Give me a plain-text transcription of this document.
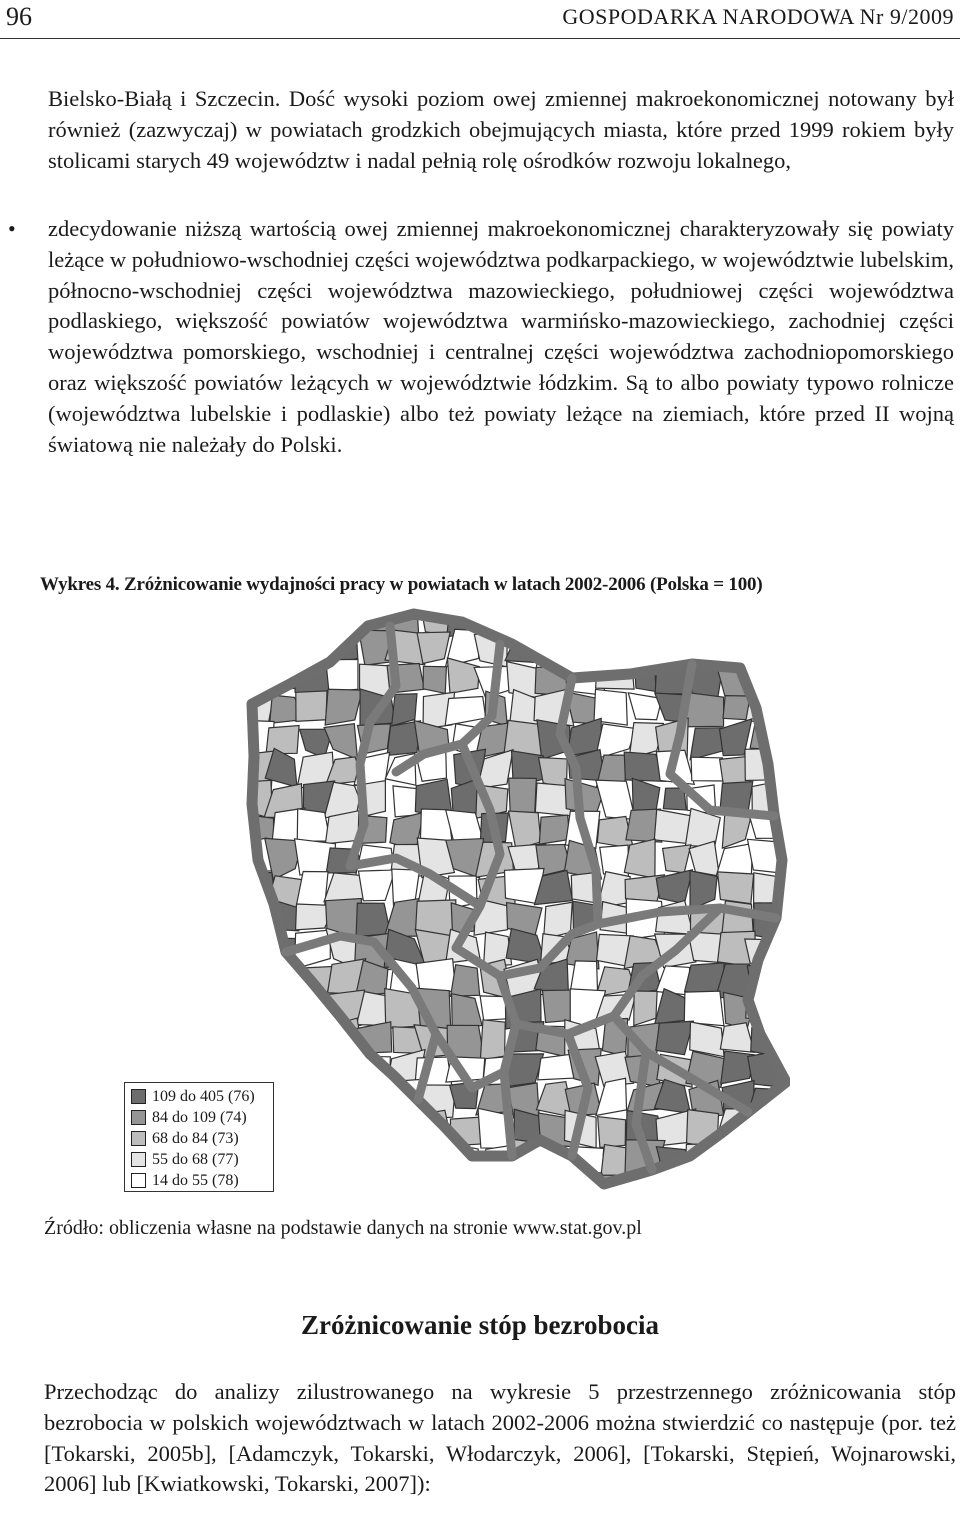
96	GOSPODARKA NARODOWA Nr 9/2009
Bielsko-Białą i Szczecin. Dość wysoki poziom owej zmiennej makroekonomicznej notowany był również (zazwyczaj) w powiatach grodzkich obejmujących miasta, które przed 1999 rokiem były stolicami starych 49 województw i nadal pełnią rolę ośrodków rozwoju lokalnego,
• zdecydowanie niższą wartością owej zmiennej makroekonomicznej charakteryzowały się powiaty leżące w południowo-wschodniej części województwa podkarpackiego, w województwie lubelskim, północno-wschodniej części województwa mazowieckiego, południowej części województwa podlaskiego, większość powiatów województwa warmińsko-mazowieckiego, zachodniej części województwa pomorskiego, wschodniej i centralnej części województwa zachodniopomorskiego oraz większość powiatów leżących w województwie łódzkim. Są to albo powiaty typowo rolnicze (województwa lubelskie i podlaskie) albo też powiaty leżące na ziemiach, które przed II wojną światową nie należały do Polski.
Wykres 4. Zróżnicowanie wydajności pracy w powiatach w latach 2002-2006 (Polska = 100)
109 do 405 (76)
84 do 109 (74)
68 do 84 (73)
55 do 68 (77)
14 do 55 (78)
Źródło: obliczenia własne na podstawie danych na stronie www.stat.gov.pl
Zróżnicowanie stóp bezrobocia
Przechodząc do analizy zilustrowanego na wykresie 5 przestrzennego zróżnicowania stóp bezrobocia w polskich województwach w latach 2002-2006 można stwierdzić co następuje (por. też [Tokarski, 2005b], [Adamczyk, Tokarski, Włodarczyk, 2006], [Tokarski, Stępień, Wojnarowski, 2006] lub [Kwiatkowski, Tokarski, 2007]):
